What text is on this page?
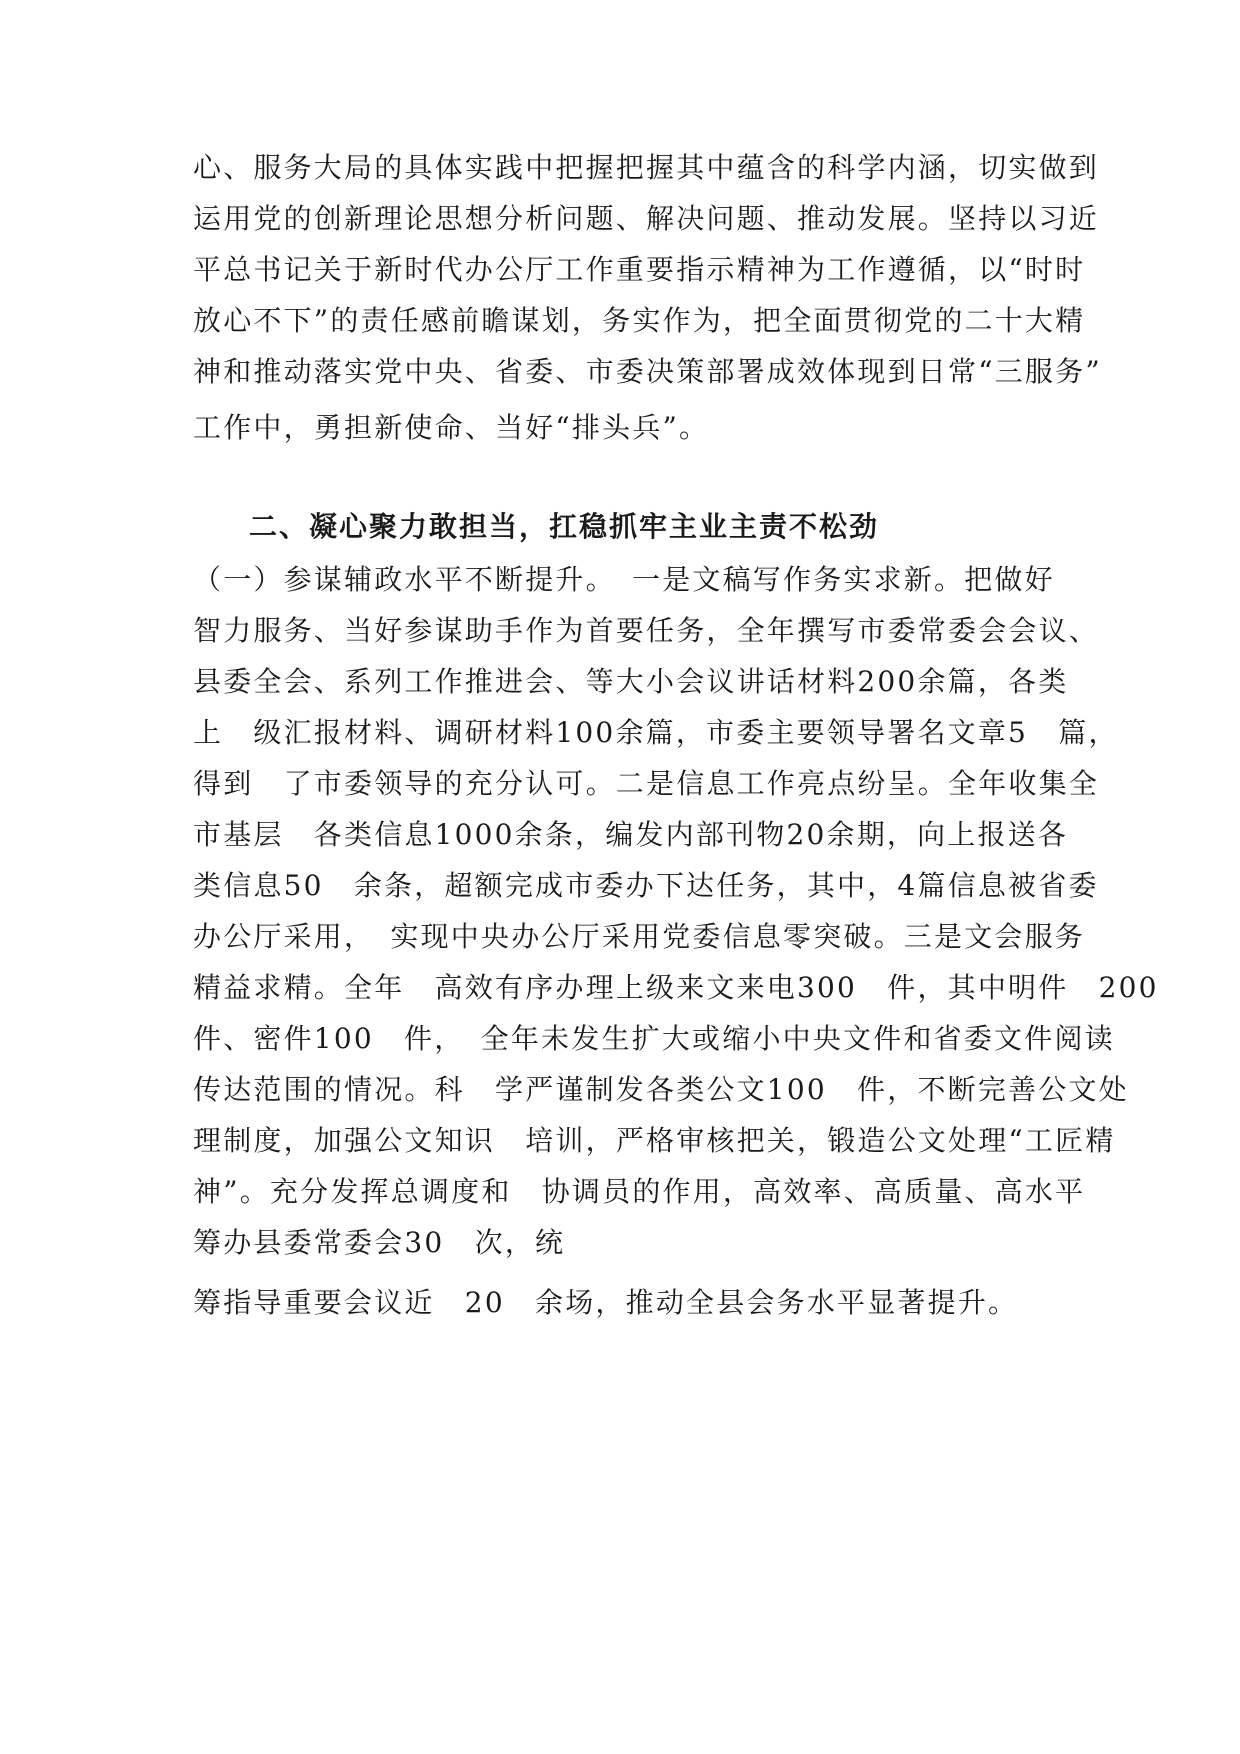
心、服务大局的具体实践中把握把握其中蕴含的科学内涵，切实做到
运用党的创新理论思想分析问题、解决问题、推动发展。坚持以习近
平总书记关于新时代办公厅工作重要指示精神为工作遵循，以“时时
放心不下”的责任感前瞻谋划，务实作为，把全面贯彻党的二十大精
神和推动落实党中央、省委、市委决策部署成效体现到日常“三服务”
工作中，勇担新使命、当好“排头兵”。
二、凝心聚力敢担当，扛稳抓牢主业主责不松劲
（一）参谋辅政水平不断提升。　一是文稿写作务实求新。把做好
智力服务、当好参谋助手作为首要任务，全年撰写市委常委会会议、
县委全会、系列工作推进会、等大小会议讲话材料200余篇，各类
上　级汇报材料、调研材料100余篇，市委主要领导署名文章5　篇，
得到　了市委领导的充分认可。二是信息工作亮点纷呈。全年收集全
市基层　各类信息1000余条，编发内部刊物20余期，向上报送各
类信息50　余条，超额完成市委办下达任务，其中，4篇信息被省委
办公厅采用，　实现中央办公厅采用党委信息零突破。三是文会服务
精益求精。全年　高效有序办理上级来文来电300　件，其中明件　200
件、密件100　件，　全年未发生扩大或缩小中央文件和省委文件阅读
传达范围的情况。科　学严谨制发各类公文100　件，不断完善公文处
理制度，加强公文知识　培训，严格审核把关，锻造公文处理“工匠精
神”。充分发挥总调度和　协调员的作用，高效率、高质量、高水平
筹办县委常委会30　次，统
筹指导重要会议近　20　余场，推动全县会务水平显著提升。
